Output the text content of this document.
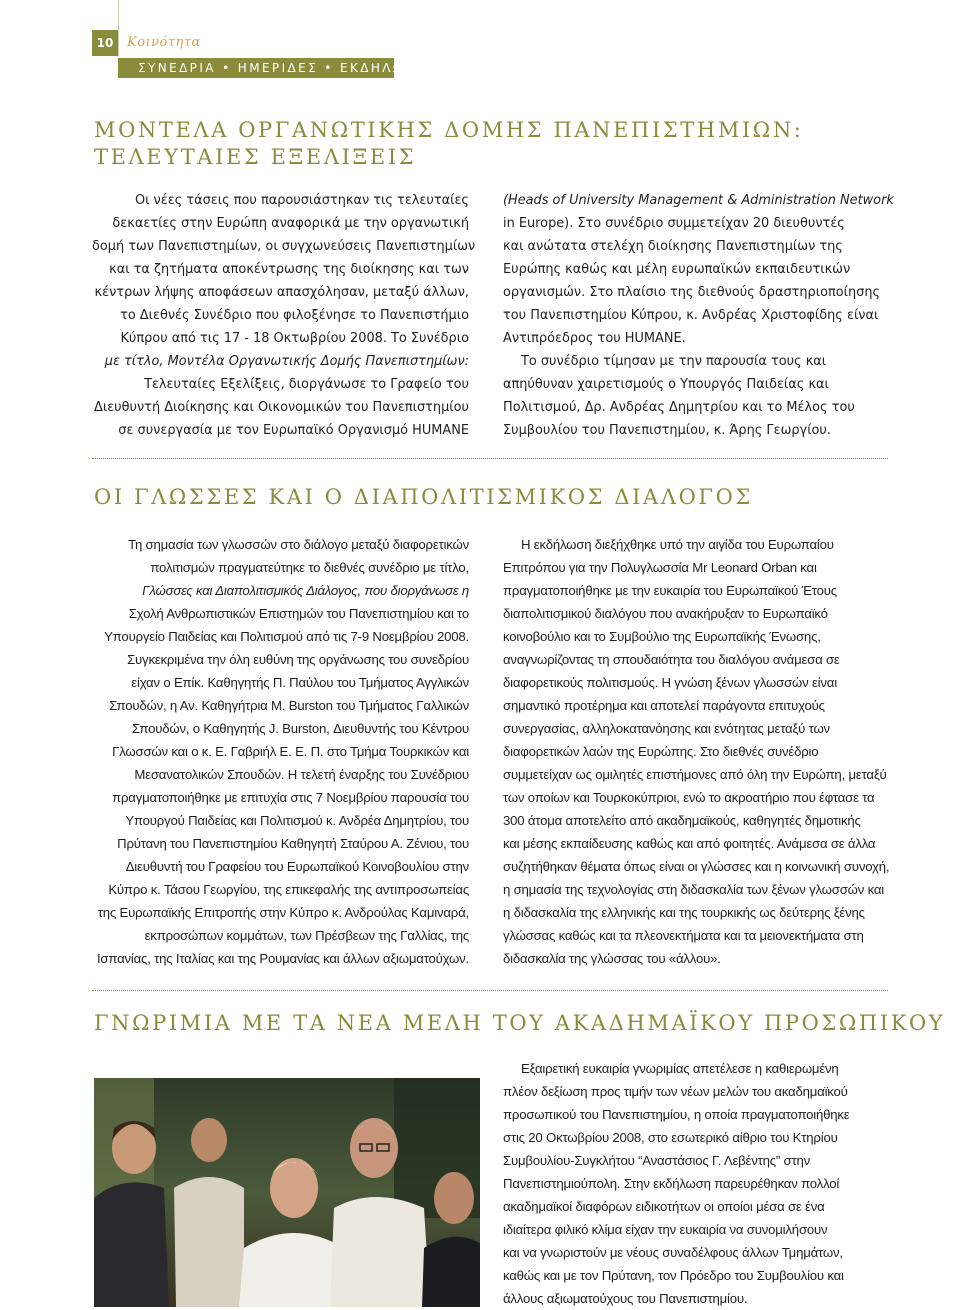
10	Κοινότητα
ΣΥΝΕΔΡΙΑ • ΗΜΕΡΙΔΕΣ • ΕΚΔΗΛΩΣΕΙΣ
ΜΟΝΤΕΛΑ ΟΡΓΑΝΩΤΙΚΗΣ ΔΟΜΗΣ ΠΑΝΕΠΙΣΤΗΜΙΩΝ:
ΤΕΛΕΥΤΑΙΕΣ ΕΞΕΛΙΞΕΙΣ
Οι νέες τάσεις που παρουσιάστηκαν τις τελευταίες
δεκαετίες στην Ευρώπη αναφορικά με την οργανωτική
δομή των Πανεπιστημίων, οι συγχωνεύσεις Πανεπιστημίων
και τα ζητήματα αποκέντρωσης της διοίκησης και των
κέντρων λήψης αποφάσεων απασχόλησαν, μεταξύ άλλων,
το Διεθνές Συνέδριο που φιλοξένησε το Πανεπιστήμιο
Κύπρου από τις 17 - 18 Οκτωβρίου 2008. Το Συνέδριο
με τίτλο, Μοντέλα Οργανωτικής Δομής Πανεπιστημίων:
Τελευταίες Εξελίξεις, διοργάνωσε το Γραφείο του
Διευθυντή Διοίκησης και Οικονομικών του Πανεπιστημίου
σε συνεργασία με τον Ευρωπαϊκό Οργανισμό HUMANE
(Heads of University Management & Administration Network
in Europe). Στο συνέδριο συμμετείχαν 20 διευθυντές
και ανώτατα στελέχη διοίκησης Πανεπιστημίων της
Ευρώπης καθώς και μέλη ευρωπαϊκών εκπαιδευτικών
οργανισμών. Στο πλαίσιο της διεθνούς δραστηριοποίησης
του Πανεπιστημίου Κύπρου, κ. Ανδρέας Χριστοφίδης είναι
Αντιπρόεδρος του HUMANE.
Το συνέδριο τίμησαν με την παρουσία τους και
απηύθυναν χαιρετισμούς ο Υπουργός Παιδείας και
Πολιτισμού, Δρ. Ανδρέας Δημητρίου και το Μέλος του
Συμβουλίου του Πανεπιστημίου, κ. Άρης Γεωργίου.
ΟΙ ΓΛΩΣΣΕΣ ΚΑΙ Ο ΔΙΑΠΟΛΙΤΙΣΜΙΚΟΣ ΔΙΑΛΟΓΟΣ
Τη σημασία των γλωσσών στο διάλογο μεταξύ διαφορετικών
πολιτισμών πραγματεύτηκε το διεθνές συνέδριο με τίτλο,
Γλώσσες και Διαπολιτισμικός Διάλογος, που διοργάνωσε η
Σχολή Ανθρωπιστικών Επιστημών του Πανεπιστημίου και το
Υπουργείο Παιδείας και Πολιτισμού από τις 7-9 Νοεμβρίου 2008.
Συγκεκριμένα την όλη ευθύνη της οργάνωσης του συνεδρίου
είχαν ο Επίκ. Καθηγητής Π. Παύλου του Τμήματος Αγγλικών
Σπουδών, η Αν. Καθηγήτρια M. Burston του Τμήματος Γαλλικών
Σπουδών, ο Καθηγητής J. Burston, Διευθυντής του Κέντρου
Γλωσσών και ο κ. Ε. Γαβριήλ Ε. Ε. Π. στο Τμήμα Τουρκικών και
Μεσανατολικών Σπουδών. Η τελετή έναρξης του Συνέδριου
πραγματοποιήθηκε με επιτυχία στις 7 Νοεμβρίου παρουσία του
Υπουργού Παιδείας και Πολιτισμού κ. Ανδρέα Δημητρίου, του
Πρύτανη του Πανεπιστημίου Καθηγητή Σταύρου Α. Ζένιου, του
Διευθυντή του Γραφείου του Ευρωπαϊκού Κοινοβουλίου στην
Κύπρο κ. Τάσου Γεωργίου, της επικεφαλής της αντιπροσωπείας
της Ευρωπαϊκής Επιτροπής στην Κύπρο κ. Ανδρούλας Καμιναρά,
εκπροσώπων κομμάτων, των Πρέσβεων της Γαλλίας, της
Ισπανίας, της Ιταλίας και της Ρουμανίας και άλλων αξιωματούχων.
Η εκδήλωση διεξήχθηκε υπό την αιγίδα του Ευρωπαίου
Επιτρόπου για την Πολυγλωσσία Mr Leonard Orban και
πραγματοποιήθηκε με την ευκαιρία του Ευρωπαϊκού Έτους
διαπολιτισμικού διαλόγου που ανακήρυξαν το Ευρωπαϊκό
κοινοβούλιο και το Συμβούλιο της Ευρωπαϊκής Ένωσης,
αναγνωρίζοντας τη σπουδαιότητα του διαλόγου ανάμεσα σε
διαφορετικούς πολιτισμούς. Η γνώση ξένων γλωσσών είναι
σημαντικό προτέρημα και αποτελεί παράγοντα επιτυχούς
συνεργασίας, αλληλοκατανόησης και ενότητας μεταξύ των
διαφορετικών λαών της Ευρώπης. Στο διεθνές συνέδριο
συμμετείχαν ως ομιλητές επιστήμονες από όλη την Ευρώπη, μεταξύ
των οποίων και Τουρκοκύπριοι, ενώ το ακροατήριο που έφτασε τα
300 άτομα αποτελείτο από ακαδημαϊκούς, καθηγητές δημοτικής
και μέσης εκπαίδευσης καθώς και από φοιτητές. Ανάμεσα σε άλλα
συζητήθηκαν θέματα όπως είναι οι γλώσσες και η κοινωνική συνοχή,
η σημασία της τεχνολογίας στη διδασκαλία των ξένων γλωσσών και
η διδασκαλία της ελληνικής και της τουρκικής ως δεύτερης ξένης
γλώσσας καθώς και τα πλεονεκτήματα και τα μειονεκτήματα στη
διδασκαλία της γλώσσας του «άλλου».
ΓΝΩΡΙΜΙΑ ΜΕ ΤΑ ΝΕΑ ΜΕΛΗ ΤΟΥ ΑΚΑΔΗΜΑΪΚΟΥ ΠΡΟΣΩΠΙΚΟΥ
Εξαιρετική ευκαιρία γνωριμίας απετέλεσε η καθιερωμένη
πλέον δεξίωση προς τιμήν των νέων μελών του ακαδημαϊκού
προσωπικού του Πανεπιστημίου, η οποία πραγματοποιήθηκε
στις 20 Οκτωβρίου 2008, στο εσωτερικό αίθριο του Κτηρίου
Συμβουλίου-Συγκλήτου “Αναστάσιος Γ. Λεβέντης” στην
Πανεπιστημιούπολη. Στην εκδήλωση παρευρέθηκαν πολλοί
ακαδημαϊκοί διαφόρων ειδικοτήτων οι οποίοι μέσα σε ένα
ιδιαίτερα φιλικό κλίμα είχαν την ευκαιρία να συνομιλήσουν
και να γνωριστούν με νέους συναδέλφους άλλων Τμημάτων,
καθώς και με τον Πρύτανη, τον Πρόεδρο του Συμβουλίου και
άλλους αξιωματούχους του Πανεπιστημίου.
